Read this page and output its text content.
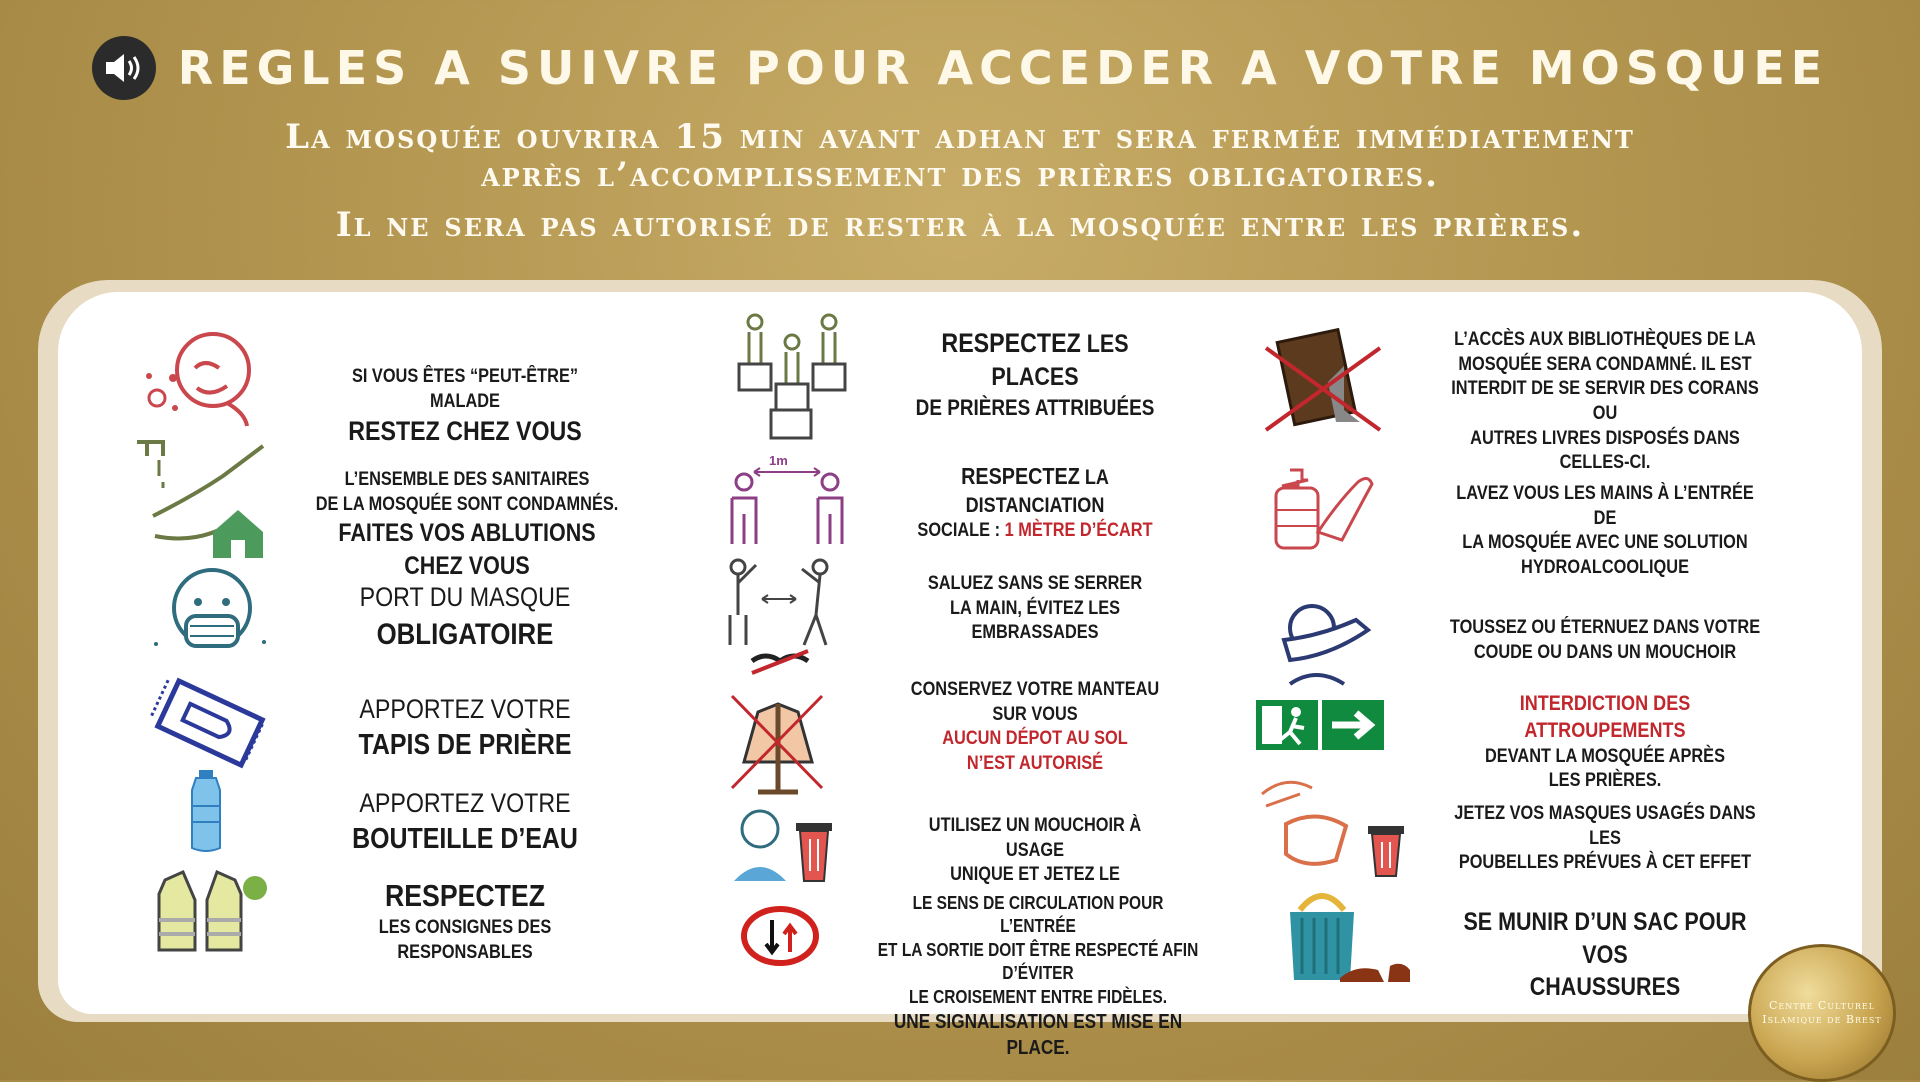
REGLES A SUIVRE POUR ACCEDER A VOTRE MOSQUEE
La mosquée ouvrira 15 min avant adhan et sera fermée immédiatement
après l’accomplissement des prières obligatoires.
Il ne sera pas autorisé de rester à la mosquée entre les prières.
SI VOUS ÊTES “PEUT-ÊTRE” MALADE
RESTEZ CHEZ VOUS
L’ENSEMBLE DES SANITAIRES
DE LA MOSQUÉE SONT CONDAMNÉS.
FAITES VOS ABLUTIONS CHEZ VOUS
PORT DU MASQUE
OBLIGATOIRE
APPORTEZ VOTRE
TAPIS DE PRIÈRE
APPORTEZ VOTRE
BOUTEILLE D’EAU
RESPECTEZ
LES CONSIGNES DES RESPONSABLES
RESPECTEZ LES PLACES
DE PRIÈRES ATTRIBUÉES
1m
RESPECTEZ LA DISTANCIATION
SOCIALE : 1 MÈTRE D’ÉCART
SALUEZ SANS SE SERRER
LA MAIN, ÉVITEZ LES EMBRASSADES
CONSERVEZ VOTRE MANTEAU
SUR VOUS
AUCUN DÉPOT AU SOL
N’EST AUTORISÉ
UTILISEZ UN MOUCHOIR À USAGE
UNIQUE ET JETEZ LE
LE SENS DE CIRCULATION POUR L’ENTRÉE
ET LA SORTIE DOIT ÊTRE RESPECTÉ AFIN D’ÉVITER
LE CROISEMENT ENTRE FIDÈLES.
UNE SIGNALISATION EST MISE EN PLACE.
L’ACCÈS AUX BIBLIOTHÈQUES DE LA
MOSQUÉE SERA CONDAMNÉ. IL EST
INTERDIT DE SE SERVIR DES CORANS OU
AUTRES LIVRES DISPOSÉS DANS
CELLES-CI.
LAVEZ VOUS LES MAINS À L’ENTRÉE DE
LA MOSQUÉE AVEC UNE SOLUTION
HYDROALCOOLIQUE
TOUSSEZ OU ÉTERNUEZ DANS VOTRE
COUDE OU DANS UN MOUCHOIR
INTERDICTION DES ATTROUPEMENTS
DEVANT LA MOSQUÉE APRÈS
LES PRIÈRES.
JETEZ VOS MASQUES USAGÉS DANS LES
POUBELLES PRÉVUES À CET EFFET
SE MUNIR D’UN SAC POUR VOS
CHAUSSURES
Centre Culturel
Islamique de Brest
